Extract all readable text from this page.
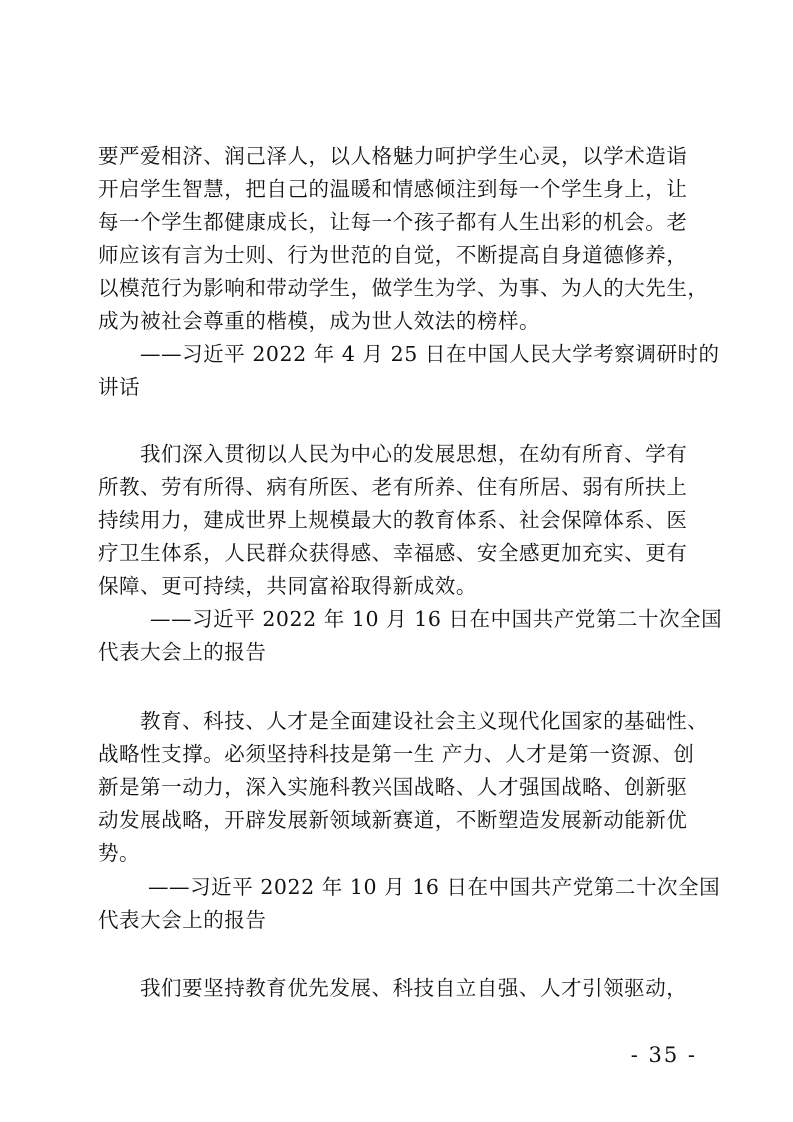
要严爱相济、润己泽人，以人格魅力呵护学生心灵，以学术造诣
开启学生智慧，把自己的温暖和情感倾注到每一个学生身上，让
每一个学生都健康成长，让每一个孩子都有人生出彩的机会。老
师应该有言为士则、行为世范的自觉，不断提高自身道德修养，
以模范行为影响和带动学生，做学生为学、为事、为人的大先生，
成为被社会尊重的楷模，成为世人效法的榜样。
——习近平 2022 年 4 月 25 日在中国人民大学考察调研时的
讲话
我们深入贯彻以人民为中心的发展思想，在幼有所育、学有
所教、劳有所得、病有所医、老有所养、住有所居、弱有所扶上
持续用力，建成世界上规模最大的教育体系、社会保障体系、医
疗卫生体系，人民群众获得感、幸福感、安全感更加充实、更有
保障、更可持续，共同富裕取得新成效。
——习近平 2022 年 10 月 16 日在中国共产党第二十次全国
代表大会上的报告
教育、科技、人才是全面建设社会主义现代化国家的基础性、
战略性支撑。必须坚持科技是第一生 产力、人才是第一资源、创
新是第一动力，深入实施科教兴国战略、人才强国战略、创新驱
动发展战略，开辟发展新领域新赛道，不断塑造发展新动能新优
势。
——习近平 2022 年 10 月 16 日在中国共产党第二十次全国
代表大会上的报告
我们要坚持教育优先发展、科技自立自强、人才引领驱动，
- 35 -
